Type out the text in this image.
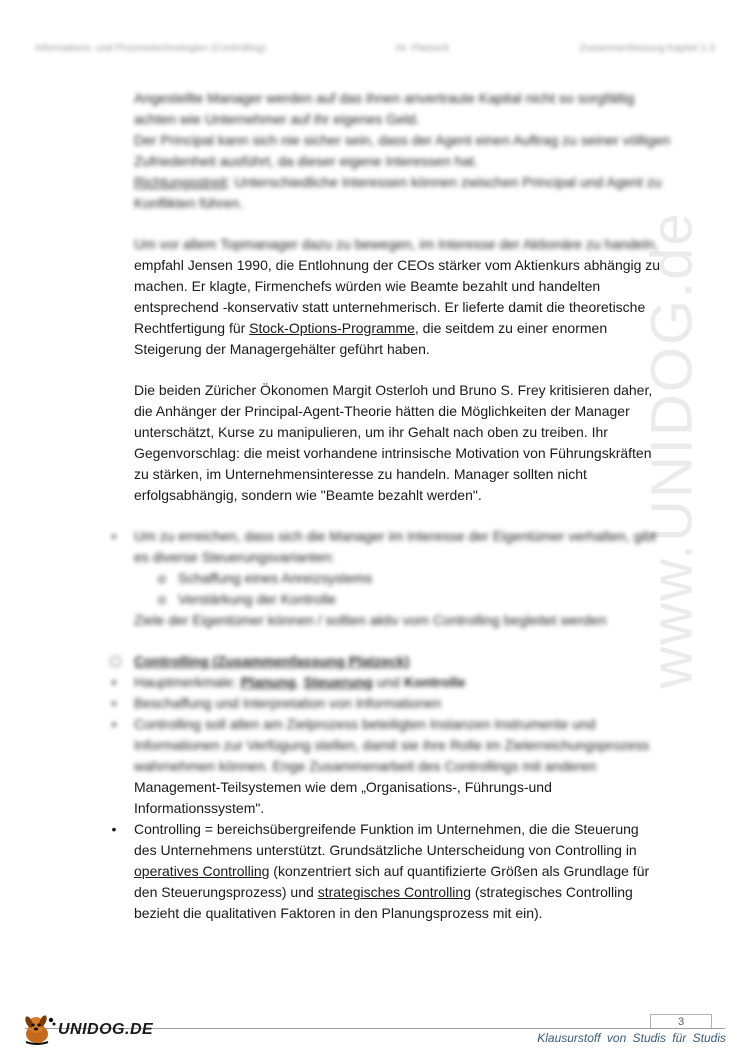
Informations- und Prozesstechnologien (Controlling)	Hr. Platzeck	Zusammenfassung Kapitel 1-3
www.UNIDOG.de

Angestellte Manager werden auf das ihnen anvertraute Kapital nicht so sorgfältig

achten wie Unternehmer auf ihr eigenes Geld.

Der Principal kann sich nie sicher sein, dass der Agent einen Auftrag zu seiner völligen

Zufriedenheit ausführt, da dieser eigene Interessen hat.

Richtungsstreit: Unterschiedliche Interessen können zwischen Principal und Agent zu

Konflikten führen.

Um vor allem Topmanager dazu zu bewegen, im Interesse der Aktionäre zu handeln,

empfahl Jensen 1990, die Entlohnung der CEOs stärker vom Aktienkurs abhängig zu

machen. Er klagte, Firmenchefs würden wie Beamte bezahlt und handelten

entsprechend -konservativ statt unternehmerisch. Er lieferte damit die theoretische

Rechtfertigung für Stock-Options-Programme, die seitdem zu einer enormen

Steigerung der Managergehälter geführt haben.

Die beiden Züricher Ökonomen Margit Osterloh und Bruno S. Frey kritisieren daher,

die Anhänger der Principal-Agent-Theorie hätten die Möglichkeiten der Manager

unterschätzt, Kurse zu manipulieren, um ihr Gehalt nach oben zu treiben. Ihr

Gegenvorschlag: die meist vorhandene intrinsische Motivation von Führungskräften

zu stärken, im Unternehmensinteresse zu handeln. Manager sollten nicht

erfolgsabhängig, sondern wie "Beamte bezahlt werden".

• Um zu erreichen, dass sich die Manager im Interesse der Eigentümer verhalten, gibt

es diverse Steuerungsvarianten:

o Schaffung eines Anreizsystems

o Verstärkung der Kontrolle

Ziele der Eigentümer können / sollten aktiv vom Controlling begleitet werden

Controlling (Zusammenfassung Platzeck)

• Hauptmerkmale: Planung, Steuerung und Kontrolle

• Beschaffung und Interpretation von Informationen

• Controlling soll allen am Zielprozess beteiligten Instanzen Instrumente und

Informationen zur Verfügung stellen, damit sie ihre Rolle im Zielerreichungsprozess

wahrnehmen können. Enge Zusammenarbeit des Controllings mit anderen

Management-Teilsystemen wie dem „Organisations-, Führungs-und

Informationssystem".

• Controlling = bereichsübergreifende Funktion im Unternehmen, die die Steuerung

des Unternehmens unterstützt. Grundsätzliche Unterscheidung von Controlling in

operatives Controlling (konzentriert sich auf quantifizierte Größen als Grundlage für

den Steuerungsprozess) und strategisches Controlling (strategisches Controlling

bezieht die qualitativen Faktoren in den Planungsprozess mit ein).

3
UNIDOG.DE	Klausurstoff von Studis für Studis
